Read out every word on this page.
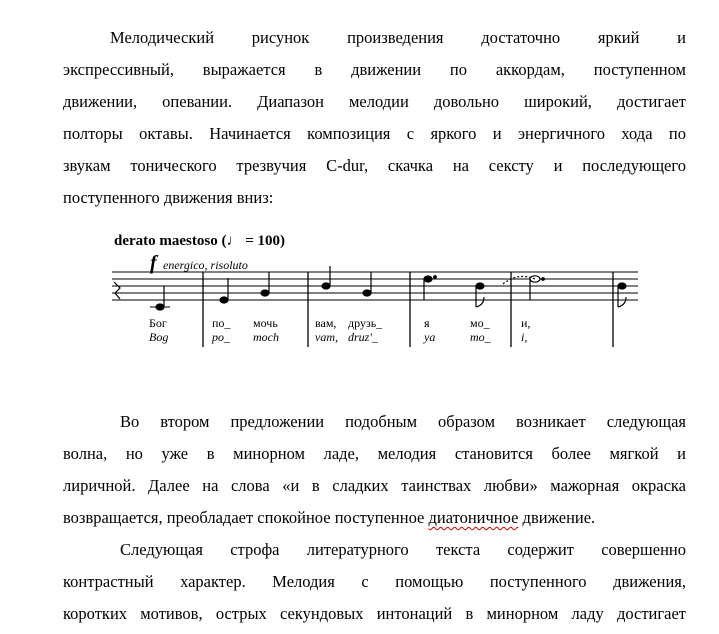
Мелодический рисунок произведения достаточно яркий и
экспрессивный, выражается в движении по аккордам, поступенном
движении, опевании. Диапазон мелодии довольно широкий, достигает
полторы октавы. Начинается композиция с яркого и энергичного хода по
звукам тонического трезвучия C-dur, скачка на сексту и последующего
поступенного движения вниз:
derato maestoso (♩ = 100)
f energico, risoluto
Бог	по_ мочь	вам, друзь_	я	мо_	и,
Bog	po_ moch	vam, druz'_	ya	mo_	i,
Во втором предложении подобным образом возникает следующая
волна, но уже в минорном ладе, мелодия становится более мягкой и
лиричной. Далее на слова «и в сладких таинствах любви» мажорная окраска
возвращается, преобладает спокойное поступенное диатоничное движение.
Следующая строфа литературного текста содержит совершенно
контрастный характер. Мелодия с помощью поступенного движения,
коротких мотивов, острых секундовых интонаций в минорном ладу достигает
